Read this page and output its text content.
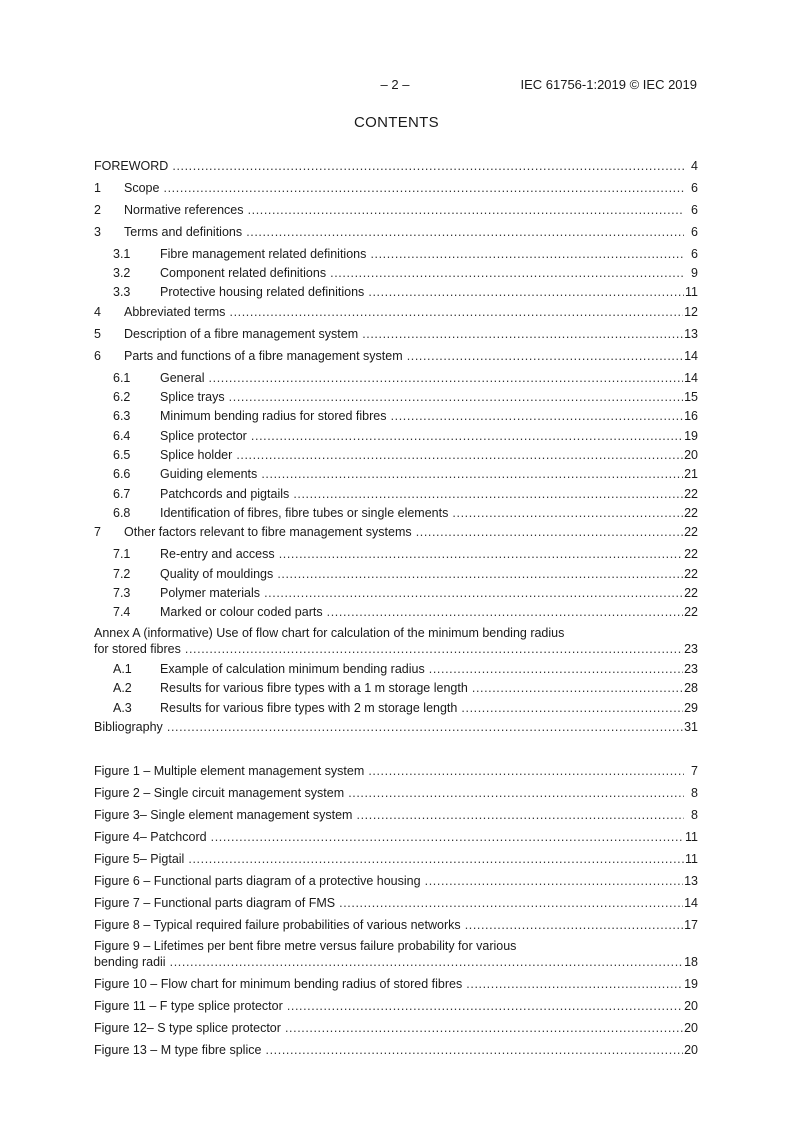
– 2 –	IEC 61756-1:2019 © IEC 2019
CONTENTS
FOREWORD .....	4
1 Scope .....	6
2 Normative references .....	6
3 Terms and definitions .....	6
3.1 Fibre management related definitions .....	6
3.2 Component related definitions .....	9
3.3 Protective housing related definitions .....	11
4 Abbreviated terms .....	12
5 Description of a fibre management system .....	13
6 Parts and functions of a fibre management system .....	14
6.1 General .....	14
6.2 Splice trays .....	15
6.3 Minimum bending radius for stored fibres .....	16
6.4 Splice protector .....	19
6.5 Splice holder .....	20
6.6 Guiding elements .....	21
6.7 Patchcords and pigtails .....	22
6.8 Identification of fibres, fibre tubes or single elements .....	22
7 Other factors relevant to fibre management systems .....	22
7.1 Re-entry and access .....	22
7.2 Quality of mouldings .....	22
7.3 Polymer materials .....	22
7.4 Marked or colour coded parts .....	22
Annex A (informative) Use of flow chart for calculation of the minimum bending radius
for stored fibres .....	23
A.1 Example of calculation minimum bending radius .....	23
A.2 Results for various fibre types with a 1 m storage length .....	28
A.3 Results for various fibre types with 2 m storage length .....	29
Bibliography .....	31
Figure 1 – Multiple element management system .....	7
Figure 2 – Single circuit management system .....	8
Figure 3– Single element management system .....	8
Figure 4– Patchcord .....	11
Figure 5– Pigtail .....	11
Figure 6 – Functional parts diagram of a protective housing .....	13
Figure 7 – Functional parts diagram of FMS .....	14
Figure 8 – Typical required failure probabilities of various networks .....	17
Figure 9 – Lifetimes per bent fibre metre versus failure probability for various
bending radii .....	18
Figure 10 – Flow chart for minimum bending radius of stored fibres .....	19
Figure 11 – F type splice protector .....	20
Figure 12– S type splice protector .....	20
Figure 13 – M type fibre splice .....	20
